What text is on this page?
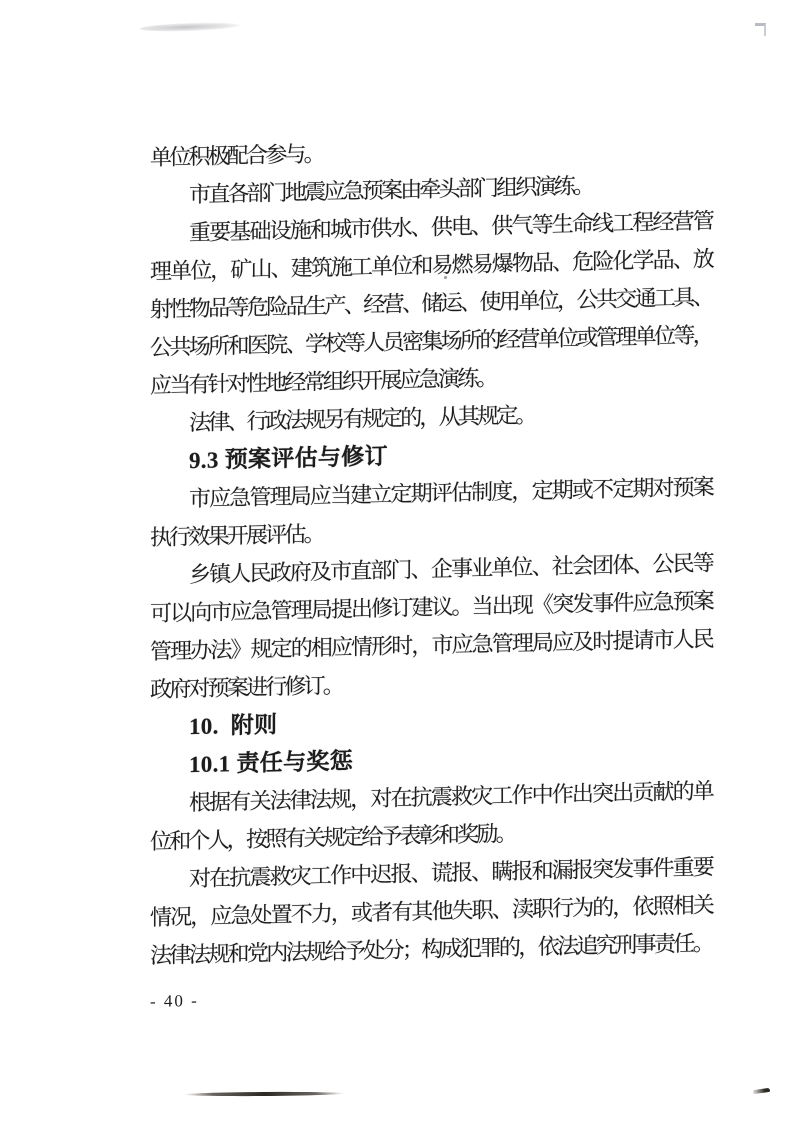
单位积极配合参与。
市直各部门地震应急预案由牵头部门组织演练。
重要基础设施和城市供水、供电、供气等生命线工程经营管
理单位，矿山、建筑施工单位和易燃易爆物品、危险化学品、放
射性物品等危险品生产、经营、储运、使用单位，公共交通工具、
公共场所和医院、学校等人员密集场所的经营单位或管理单位等，
应当有针对性地经常组织开展应急演练。
法律、行政法规另有规定的，从其规定。
9.3 预案评估与修订
市应急管理局应当建立定期评估制度，定期或不定期对预案
执行效果开展评估。
乡镇人民政府及市直部门、企事业单位、社会团体、公民等
可以向市应急管理局提出修订建议。当出现《突发事件应急预案
管理办法》规定的相应情形时，市应急管理局应及时提请市人民
政府对预案进行修订。
10.  附则
10.1 责任与奖惩
根据有关法律法规，对在抗震救灾工作中作出突出贡献的单
位和个人，按照有关规定给予表彰和奖励。
对在抗震救灾工作中迟报、谎报、瞒报和漏报突发事件重要
情况，应急处置不力，或者有其他失职、渎职行为的，依照相关
法律法规和党内法规给予处分；构成犯罪的，依法追究刑事责任。
- 40 -
